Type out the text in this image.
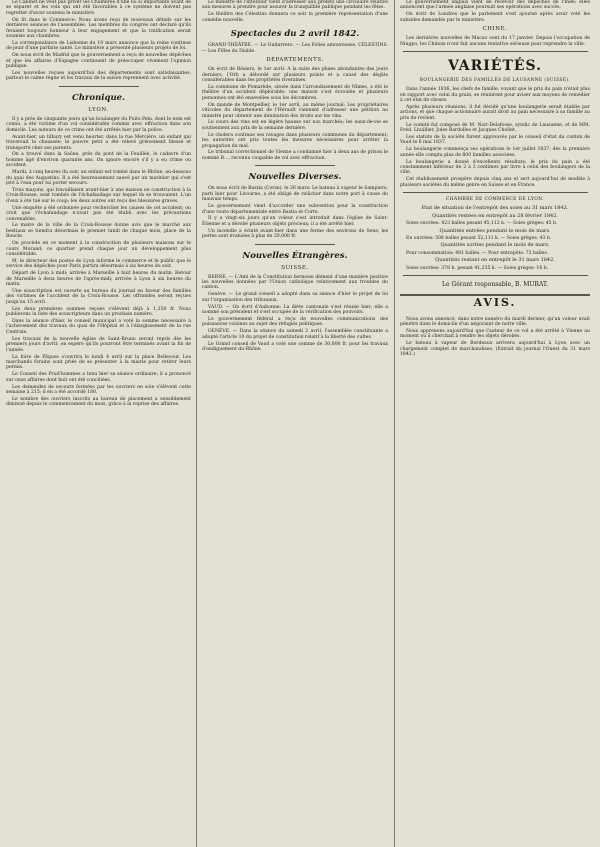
Le Cabinet ne veut pas priver les Chambres d'une loi si importante avant de se séparer et les voix qui ont été favorables à ce système ne doivent pas regretter d'avoir soutenu le ministère.

On lit dans le Commerce: Nous avons reçu de nouveaux détails sur les dernières séances de l'assemblée. Les membres du congrès ont déclaré qu'ils feraient toujours honneur à leur engagement et que la ratification serait soumise aux chambres.

La correspondance de Lisbonne du 19 mars annonce que la reine continue de jouir d'une parfaite santé. Le ministère a présenté plusieurs projets de loi.

On nous écrit de Madrid que le gouvernement a reçu de nouvelles dépêches et que les affaires d'Espagne continuent de préoccuper vivement l'opinion publique.

Les nouvelles reçues aujourd'hui des départements sont satisfaisantes; partout le calme règne et les travaux de la saison reprennent avec activité.

Chronique.
LYON.

Il y a près de cinquante jours qu'un boulanger du Puits-Pelu, dont le nom est connu, a été victime d'un vol considérable commis avec effraction dans son domicile. Les auteurs de ce crime ont été arrêtés hier par la police.

Avant-hier, un tilbury est venu heurter, dans la rue Mercière, un enfant qui traversait la chaussée; le pauvre petit a été relevé grièvement blessé et transporté chez ses parents.

On a trouvé dans la Saône, près du pont de la Feuillée, le cadavre d'un homme âgé d'environ quarante ans. On ignore encore s'il y a eu crime ou accident.

Mardi, à cinq heures du soir, un enfant est tombé dans le Rhône, au-dessous du quai des Augustins. Il a été heureusement sauvé par un marinier qui s'est jeté à l'eau pour lui porter secours.

Trois maçons, qui travaillaient avant-hier à une maison en construction à la Croix-Rousse, sont tombés de l'échafaudage sur lequel ils se trouvaient. L'un d'eux a été tué sur le coup; les deux autres ont reçu des blessures graves.

Une enquête a été ordonnée pour rechercher les causes de cet accident; on croit que l'échafaudage n'avait pas été établi avec les précautions convenables.

Le maire de la ville de la Croix-Rousse donne avis que le marché aux bestiaux se tiendra désormais le premier lundi de chaque mois, place de la Boucle.

On procède en ce moment à la construction de plusieurs maisons sur le cours Morand; ce quartier prend chaque jour un développement plus considérable.

M. le directeur des postes de Lyon informe le commerce et le public que le service des dépêches pour Paris partira désormais à six heures du soir.

Départ de Lyon à midi; arrivée à Marseille à huit heures du matin. Retour de Marseille à deux heures de l'après-midi; arrivée à Lyon à six heures du matin.

Une souscription est ouverte au bureau du journal en faveur des familles des victimes de l'accident de la Croix-Rousse. Les offrandes seront reçues jusqu'au 15 avril.

Les deux premières sommes reçues s'élèvent déjà à 1,250 fr. Nous publierons la liste des souscripteurs dans un prochain numéro.

Dans la séance d'hier, le conseil municipal a voté la somme nécessaire à l'achèvement des travaux du quai de l'Hôpital et à l'élargissement de la rue Centrale.

Les travaux de la nouvelle église de Saint-Bruno seront repris dès les premiers jours d'avril; on espère qu'ils pourront être terminés avant la fin de l'année.

La foire de Pâques s'ouvrira le lundi 4 avril sur la place Bellecour. Les marchands forains sont priés de se présenter à la mairie pour retirer leurs permis.

Le Conseil des Prud'hommes a tenu hier sa séance ordinaire; il a prononcé sur onze affaires dont huit ont été conciliées.

Les demandes de secours formées par les ouvriers en soie s'élèvent cette semaine à 215; il en a été accordé 180.

Le nombre des ouvriers inscrits au bureau de placement a sensiblement diminué depuis le commencement du mois, grâce à la reprise des affaires.

Le ministre de l'intérieur vient d'adresser aux préfets une circulaire relative aux mesures à prendre pour assurer la tranquillité publique pendant les fêtes.

Le théâtre des Célestins donnera ce soir la première représentation d'une comédie nouvelle.

Spectacles du 2 avril 1842.

GRAND-THÉÂTRE. — Le Guitarrero. — Les Folies amoureuses. CÉLESTINS. — Les Filles du Diable.

DÉPARTEMENTS.

On écrit de Béziers, le 1er avril: A la suite des pluies abondantes des jours derniers, l'Orb a débordé sur plusieurs points et a causé des dégâts considérables dans les propriétés riveraines.

La commune de Pomarède, située dans l'arrondissement de Nîmes, a été le théâtre d'un accident déplorable: une maison s'est écroulée et plusieurs personnes ont été ensevelies sous les décombres.

On mande de Montpellier, le 1er avril, au même journal: Les propriétaires viticoles du département de l'Hérault viennent d'adresser une pétition au ministre pour obtenir une diminution des droits sur les vins.

Le cours des vins est en légère hausse sur nos marchés; les eaux-de-vie se soutiennent aux prix de la semaine dernière.

Le cholera continue ses ravages dans plusieurs communes du département; les autorités ont pris toutes les mesures nécessaires pour arrêter la propagation du mal.

Le tribunal correctionnel de Vienne a condamné hier à deux ans de prison le nommé B..., reconnu coupable de vol avec effraction.

Nouvelles Diverses.

On nous écrit de Bastia (Corse), le 26 mars: Le bateau à vapeur le Sampiero, parti hier pour Livourne, a été obligé de relâcher dans notre port à cause du mauvais temps.

Le gouvernement vient d'accorder une subvention pour la construction d'une route départementale entre Bastia et Corte.

Il y a vingt-six jours qu'un voleur s'est introduit dans l'église de Saint-Étienne et a dérobé plusieurs objets précieux; il a été arrêté hier.

Un incendie a éclaté avant-hier dans une ferme des environs de Sens; les pertes sont évaluées à plus de 20,000 fr.

Nouvelles Étrangères.
SUISSE.

BERNE. — L'Ami de la Constitution bernoise dément d'une manière positive les nouvelles données par l'Union catholique relativement aux troubles du canton.

Genève. — Le grand conseil a adopté dans sa séance d'hier le projet de loi sur l'organisation des tribunaux.

VAUD. — On écrit d'Aubonne: La diète cantonale s'est réunie hier; elle a nommé son président et s'est occupée de la vérification des pouvoirs.

Le gouvernement fédéral a reçu de nouvelles communications des puissances voisines au sujet des réfugiés politiques.

GENÈVE. — Dans la séance du samedi 2 avril, l'assemblée constituante a adopté l'article 10 du projet de constitution relatif à la liberté des cultes.

Le Grand conseil de Vaud a voté une somme de 30,000 fr. pour les travaux d'endiguement du Rhône.

Le gouvernement anglais vient de recevoir des dépêches de l'Inde; elles annoncent que l'armée anglaise poursuit ses opérations avec succès.

On écrit de Londres que le parlement s'est ajourné après avoir voté les subsides demandés par le ministère.

CHINE.

Les dernières nouvelles de Macao sont du 17 janvier. Depuis l'occupation de Ningpo, les Chinois n'ont fait aucune tentative sérieuse pour reprendre la ville.

VARIÉTÉS.
BOULANGERIE DES FAMILLES DE LAUSANNE (SUISSE).

Dans l'année 1836, les chefs de famille, voyant que le prix du pain n'était plus en rapport avec celui du grain, se réunirent pour aviser aux moyens de remédier à cet état de choses.

Après plusieurs réunions, il fut décidé qu'une boulangerie serait établie par actions, et que chaque actionnaire aurait droit au pain nécessaire à sa famille au prix de revient.

Le comité fut composé de M. Noir-Delafosse, syndic de Lausanne, et de MM. Fréd. Lhuillier, Jules Bardolles et Jacques Chollet.

Les statuts de la société furent approuvés par le conseil d'état du canton de Vaud le 6 mai 1837.

La boulangerie commença ses opérations le 1er juillet 1837; dès la première année elle compta plus de 800 familles associées.

La boulangerie a donné d'excellents résultats; le prix du pain a été constamment inférieur de 2 à 3 centimes par livre à celui des boulangers de la ville.

Cet établissement prospère depuis cinq ans et sert aujourd'hui de modèle à plusieurs sociétés du même genre en Suisse et en France.

CHAMBRE DE COMMERCE DE LYON.
Etat de situation de l'entrepôt des soies au 31 mars 1842.
Quantités restées en entrepôt au 28 février 1842.

Soies ouvrées: 423 balles pesant 45,112 k. — Soies grèges: 45 b.

Quantités entrées pendant le mois de mars.

En ouvrées: 508 balles pesant 52,111 k. — Soies grèges: 43 b.

Quantités sorties pendant le mois de mars.

Pour consommation: 481 balles. — Pour entrepôts: 72 balles.

Quantités restant en entrepôt le 31 mars 1842.

Soies ouvrées: 378 b. pesant 41,235 k. — Soies grèges: 16 b.

Le Gérant responsable, B. MURAT.
AVIS.

Nous avons annoncé, dans notre numéro du mardi dernier, qu'un voleur avait pénétré dans le domicile d'un négociant de notre ville.

Nous apprenons aujourd'hui que l'auteur de ce vol a été arrêté à Vienne au moment où il cherchait à vendre les objets dérobés.

Le bateau à vapeur de Bordeaux arrivera aujourd'hui à Lyon avec un chargement complet de marchandises. (Extrait du journal l'Ouest du 31 mars 1842.)
